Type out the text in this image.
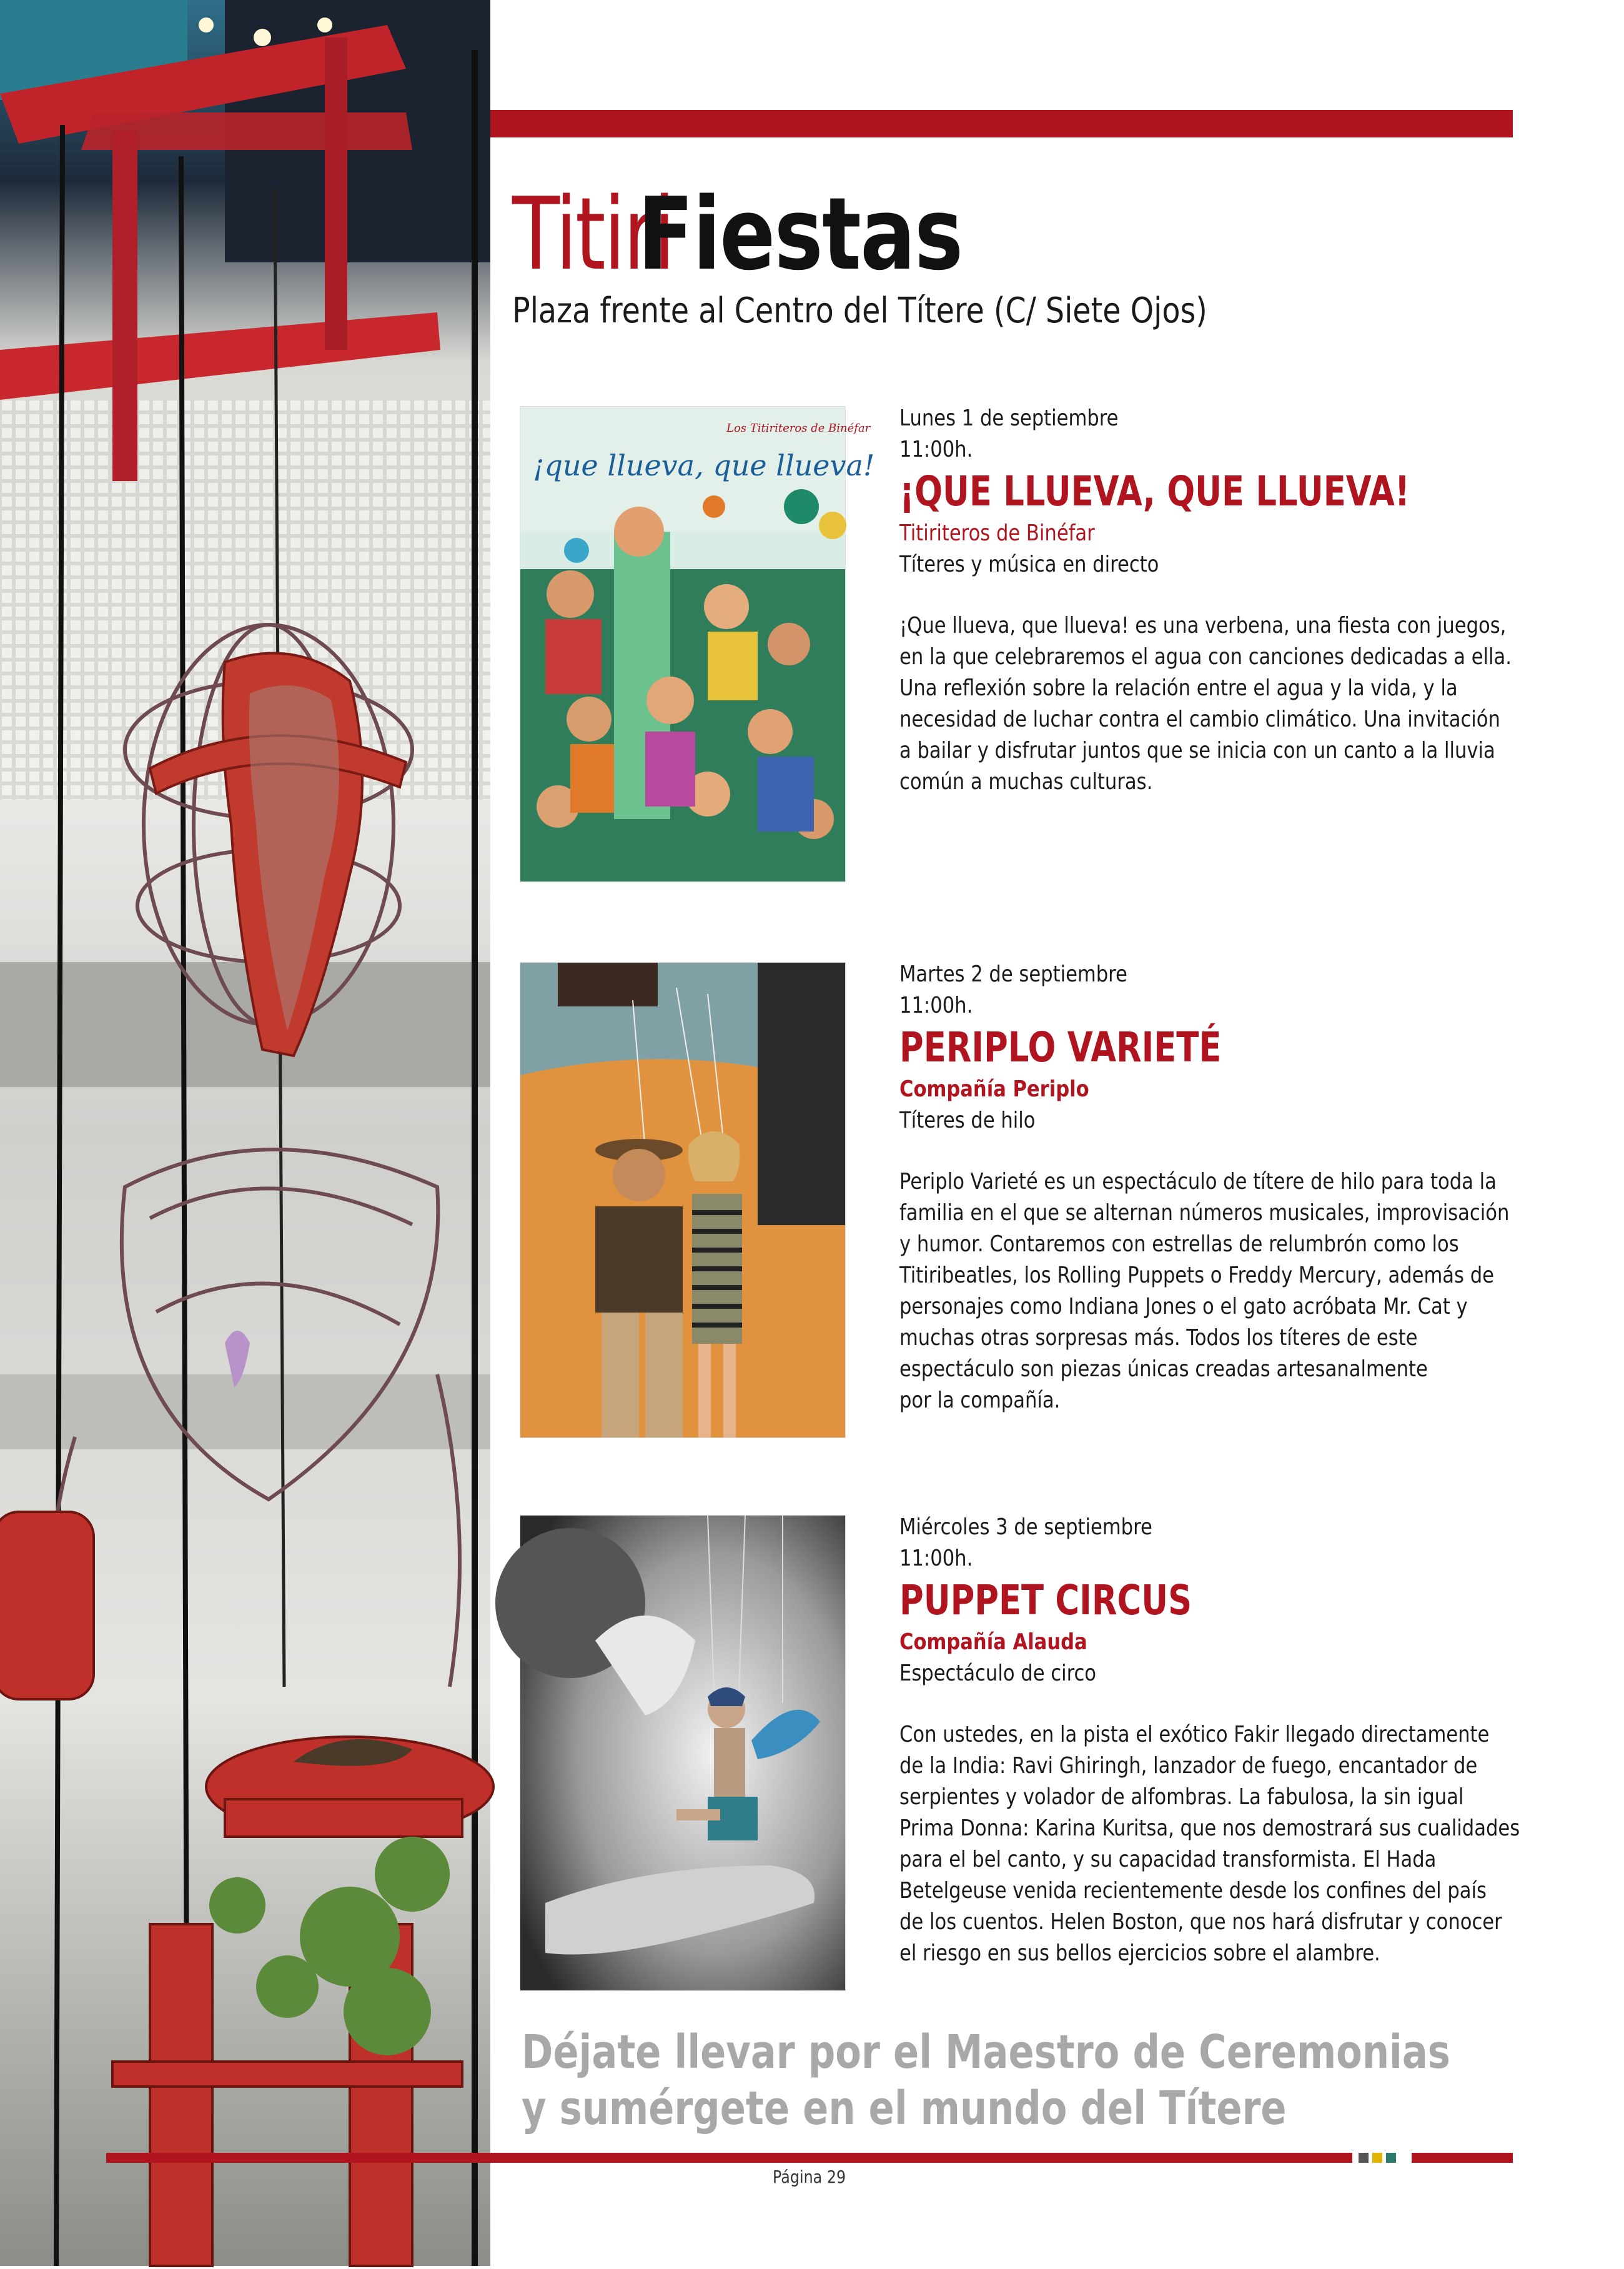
TitiriFiestas
Plaza frente al Centro del Títere (C/ Siete Ojos)
¡que llueva, que llueva!
Los Titiriteros de Binéfar Lunes 1 de septiembre
11:00h.
¡QUE LLUEVA, QUE LLUEVA!
Titiriteros de Binéfar
Títeres y música en directo
¡Que llueva, que llueva! es una verbena, una fiesta con juegos,
en la que celebraremos el agua con canciones dedicadas a ella.
Una reflexión sobre la relación entre el agua y la vida, y la
necesidad de luchar contra el cambio climático. Una invitación
a bailar y disfrutar juntos que se inicia con un canto a la lluvia
común a muchas culturas.
Martes 2 de septiembre
11:00h.
PERIPLO VARIETÉ
Compañía Periplo
Títeres de hilo
Periplo Varieté es un espectáculo de títere de hilo para toda la
familia en el que se alternan números musicales, improvisación
y humor. Contaremos con estrellas de relumbrón como los
Titiribeatles, los Rolling Puppets o Freddy Mercury, además de
personajes como Indiana Jones o el gato acróbata Mr. Cat y
muchas otras sorpresas más. Todos los títeres de este
espectáculo son piezas únicas creadas artesanalmente
por la compañía.
Miércoles 3 de septiembre
11:00h.
PUPPET CIRCUS
Compañía Alauda
Espectáculo de circo
Con ustedes, en la pista el exótico Fakir llegado directamente
de la India: Ravi Ghiringh, lanzador de fuego, encantador de
serpientes y volador de alfombras. La fabulosa, la sin igual
Prima Donna: Karina Kuritsa, que nos demostrará sus cualidades
para el bel canto, y su capacidad transformista. El Hada
Betelgeuse venida recientemente desde los confines del país
de los cuentos. Helen Boston, que nos hará disfrutar y conocer
el riesgo en sus bellos ejercicios sobre el alambre.
Déjate llevar por el Maestro de Ceremonias
y sumérgete en el mundo del Títere
Página 29
